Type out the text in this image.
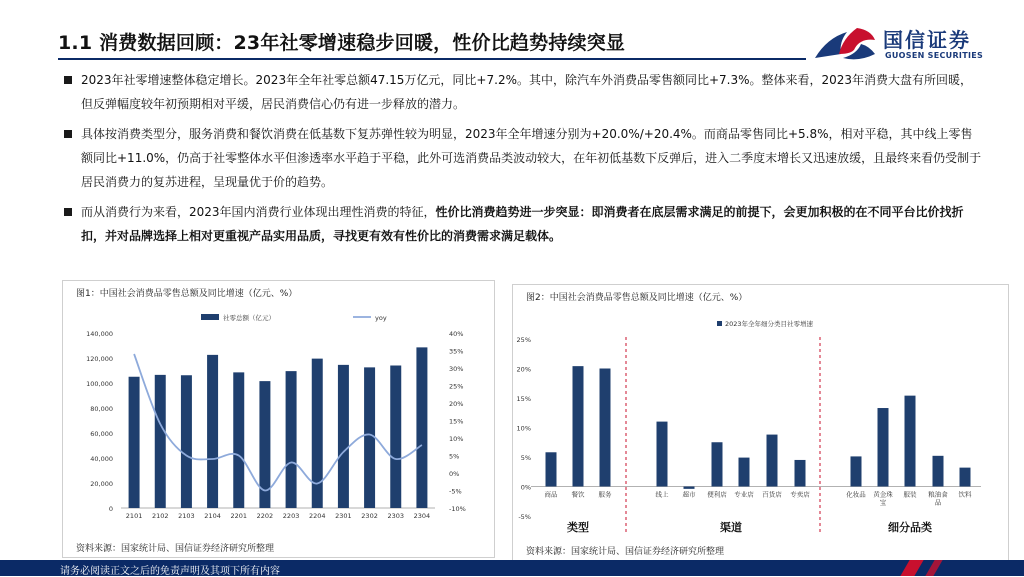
1.1 消费数据回顾：23年社零增速稳步回暖，性价比趋势持续突显	国信证券
GUOSEN SECURITIES
2023年社零增速整体稳定增长。2023年全年社零总额47.15万亿元，同比+7.2%。其中，除汽车外消费品零售额同比+7.3%。整体来看，2023年消费大盘有所回暖，但反弹幅度较年初预期相对平缓，居民消费信心仍有进一步释放的潜力。
具体按消费类型分，服务消费和餐饮消费在低基数下复苏弹性较为明显，2023年全年增速分别为+20.0%/+20.4%。而商品零售同比+5.8%，相对平稳，其中线上零售额同比+11.0%，仍高于社零整体水平但渗透率水平趋于平稳，此外可选消费品类波动较大，在年初低基数下反弹后，进入二季度末增长又迅速放缓，且最终来看仍受制于居民消费力的复苏进程，呈现量优于价的趋势。
而从消费行为来看，2023年国内消费行业体现出理性消费的特征，性价比消费趋势进一步突显：即消费者在底层需求满足的前提下，会更加积极的在不同平台比价找折扣，并对品牌选择上相对更重视产品实用品质，寻找更有效有性价比的消费需求满足载体。
图1：中国社会消费品零售总额及同比增速（亿元、%）
0
20,000
40,000
60,000
80,000
100,000
120,000
140,000
-10%
-5%
0%
5%
10%
15%
20%
25%
30%
35%
40%
2101 2102 2103 2104 2201 2202 2203 2204 2301 2302 2303 2304
社零总额（亿元）	yoy
资料来源：国家统计局、国信证券经济研究所整理
图2：中国社会消费品零售总额及同比增速（亿元、%）
-5%
0%
5%
10%
15%
20%
25%
商品 餐饮 服务	线上 超市 便利店 专业店 百货店 专卖店	化妆品 黄金珠
宝
服装 粮油食
品
饮料
类型	渠道	细分品类
2023年全年细分类目社零增速
资料来源：国家统计局、国信证券经济研究所整理
请务必阅读正文之后的免责声明及其项下所有内容
